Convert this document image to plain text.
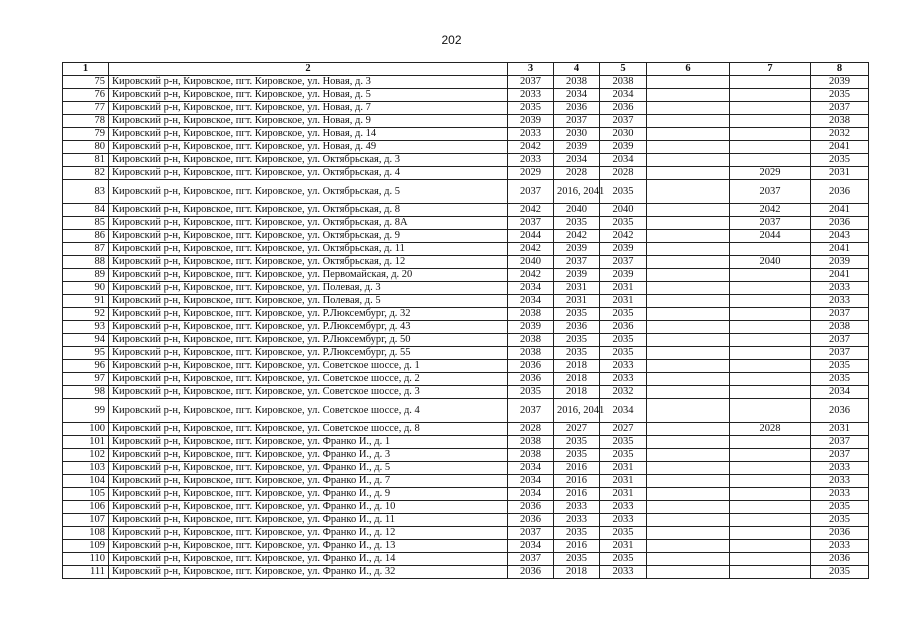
202
1	2	3	4	5	6	7	8
75	Кировский р-н, Кировское, пгт. Кировское, ул. Новая, д. 3	2037	2038	2038			2039
76	Кировский р-н, Кировское, пгт. Кировское, ул. Новая, д. 5	2033	2034	2034			2035
77	Кировский р-н, Кировское, пгт. Кировское, ул. Новая, д. 7	2035	2036	2036			2037
78	Кировский р-н, Кировское, пгт. Кировское, ул. Новая, д. 9	2039	2037	2037			2038
79	Кировский р-н, Кировское, пгт. Кировское, ул. Новая, д. 14	2033	2030	2030			2032
80	Кировский р-н, Кировское, пгт. Кировское, ул. Новая, д. 49	2042	2039	2039			2041
81	Кировский р-н, Кировское, пгт. Кировское, ул. Октябрьская, д. 3	2033	2034	2034			2035
82	Кировский р-н, Кировское, пгт. Кировское, ул. Октябрьская, д. 4	2029	2028	2028		2029	2031
83	Кировский р-н, Кировское, пгт. Кировское, ул. Октябрьская, д. 5	2037	2016, 2041	2035		2037	2036
84	Кировский р-н, Кировское, пгт. Кировское, ул. Октябрьская, д. 8	2042	2040	2040		2042	2041
85	Кировский р-н, Кировское, пгт. Кировское, ул. Октябрьская, д. 8А	2037	2035	2035		2037	2036
86	Кировский р-н, Кировское, пгт. Кировское, ул. Октябрьская, д. 9	2044	2042	2042		2044	2043
87	Кировский р-н, Кировское, пгт. Кировское, ул. Октябрьская, д. 11	2042	2039	2039			2041
88	Кировский р-н, Кировское, пгт. Кировское, ул. Октябрьская, д. 12	2040	2037	2037		2040	2039
89	Кировский р-н, Кировское, пгт. Кировское, ул. Первомайская, д. 20	2042	2039	2039			2041
90	Кировский р-н, Кировское, пгт. Кировское, ул. Полевая, д. 3	2034	2031	2031			2033
91	Кировский р-н, Кировское, пгт. Кировское, ул. Полевая, д. 5	2034	2031	2031			2033
92	Кировский р-н, Кировское, пгт. Кировское, ул. Р.Люксембург, д. 32	2038	2035	2035			2037
93	Кировский р-н, Кировское, пгт. Кировское, ул. Р.Люксембург, д. 43	2039	2036	2036			2038
94	Кировский р-н, Кировское, пгт. Кировское, ул. Р.Люксембург, д. 50	2038	2035	2035			2037
95	Кировский р-н, Кировское, пгт. Кировское, ул. Р.Люксембург, д. 55	2038	2035	2035			2037
96	Кировский р-н, Кировское, пгт. Кировское, ул. Советское шоссе, д. 1	2036	2018	2033			2035
97	Кировский р-н, Кировское, пгт. Кировское, ул. Советское шоссе, д. 2	2036	2018	2033			2035
98	Кировский р-н, Кировское, пгт. Кировское, ул. Советское шоссе, д. 3	2035	2018	2032			2034
99	Кировский р-н, Кировское, пгт. Кировское, ул. Советское шоссе, д. 4	2037	2016, 2041	2034			2036
100	Кировский р-н, Кировское, пгт. Кировское, ул. Советское шоссе, д. 8	2028	2027	2027		2028	2031
101	Кировский р-н, Кировское, пгт. Кировское, ул. Франко И., д. 1	2038	2035	2035			2037
102	Кировский р-н, Кировское, пгт. Кировское, ул. Франко И., д. 3	2038	2035	2035			2037
103	Кировский р-н, Кировское, пгт. Кировское, ул. Франко И., д. 5	2034	2016	2031			2033
104	Кировский р-н, Кировское, пгт. Кировское, ул. Франко И., д. 7	2034	2016	2031			2033
105	Кировский р-н, Кировское, пгт. Кировское, ул. Франко И., д. 9	2034	2016	2031			2033
106	Кировский р-н, Кировское, пгт. Кировское, ул. Франко И., д. 10	2036	2033	2033			2035
107	Кировский р-н, Кировское, пгт. Кировское, ул. Франко И., д. 11	2036	2033	2033			2035
108	Кировский р-н, Кировское, пгт. Кировское, ул. Франко И., д. 12	2037	2035	2035			2036
109	Кировский р-н, Кировское, пгт. Кировское, ул. Франко И., д. 13	2034	2016	2031			2033
110	Кировский р-н, Кировское, пгт. Кировское, ул. Франко И., д. 14	2037	2035	2035			2036
111	Кировский р-н, Кировское, пгт. Кировское, ул. Франко И., д. 32	2036	2018	2033			2035
